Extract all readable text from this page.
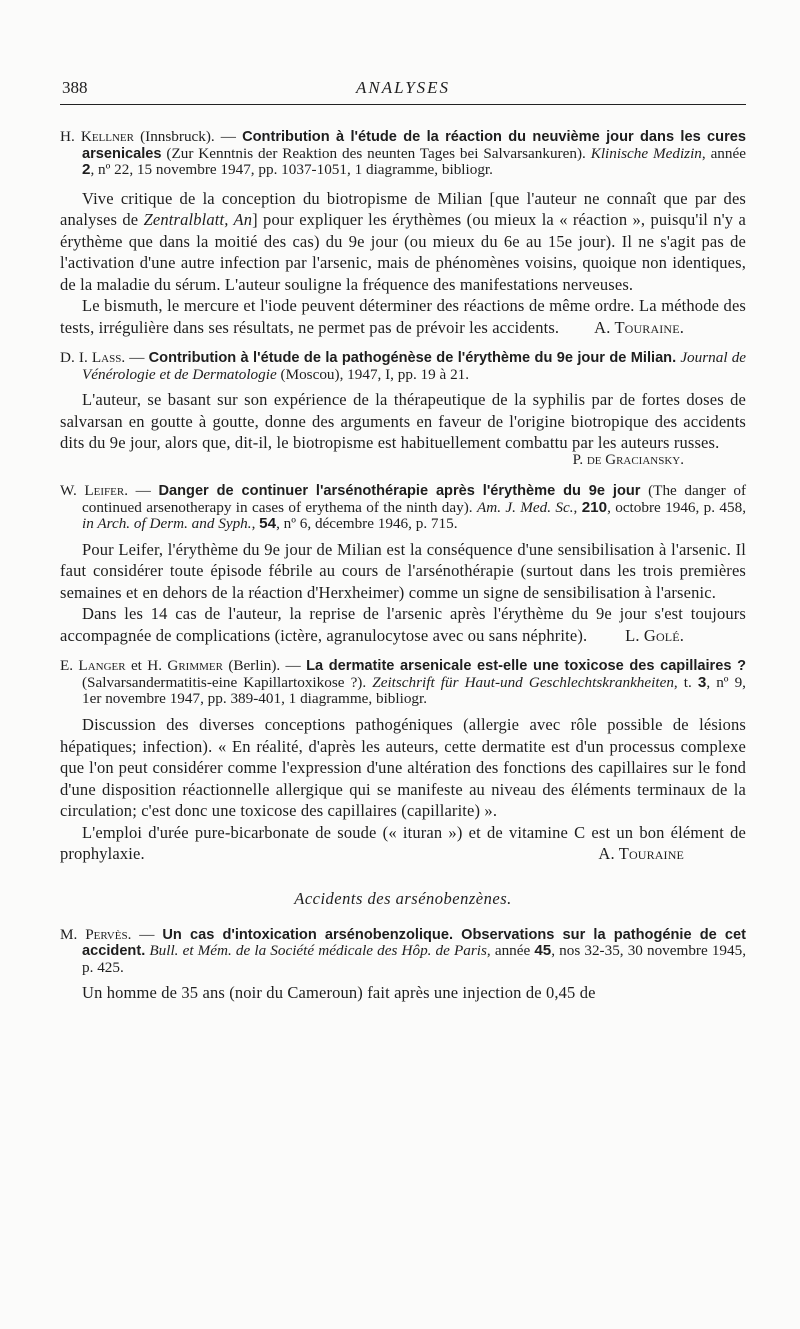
388	ANALYSES

H. Kellner (Innsbruck). — Contribution à l'étude de la réaction du neuvième jour dans les cures arsenicales (Zur Kenntnis der Reaktion des neunten Tages bei Salvarsankuren). Klinische Medizin, année 2, nº 22, 15 novembre 1947, pp. 1037-1051, 1 diagramme, bibliogr.

Vive critique de la conception du biotropisme de Milian [que l'auteur ne connaît que par des analyses de Zentralblatt, An] pour expliquer les érythèmes (ou mieux la « réaction », puisqu'il n'y a érythème que dans la moitié des cas) du 9e jour (ou mieux du 6e au 15e jour). Il ne s'agit pas de l'activation d'une autre infection par l'arsenic, mais de phénomènes voisins, quoique non identiques, de la maladie du sérum. L'auteur souligne la fréquence des manifestations nerveuses.

Le bismuth, le mercure et l'iode peuvent déterminer des réactions de même ordre. La méthode des tests, irrégulière dans ses résultats, ne permet pas de prévoir les accidents.	A. Touraine.

D. I. Lass. — Contribution à l'étude de la pathogénèse de l'érythème du 9e jour de Milian. Journal de Vénérologie et de Dermatologie (Moscou), 1947, I, pp. 19 à 21.

L'auteur, se basant sur son expérience de la thérapeutique de la syphilis par de fortes doses de salvarsan en goutte à goutte, donne des arguments en faveur de l'origine biotropique des accidents dits du 9e jour, alors que, dit-il, le biotropisme est habituellement combattu par les auteurs russes.

P. de Graciansky.

W. Leifer. — Danger de continuer l'arsénothérapie après l'érythème du 9e jour (The danger of continued arsenotherapy in cases of erythema of the ninth day). Am. J. Med. Sc., 210, octobre 1946, p. 458, in Arch. of Derm. and Syph., 54, nº 6, décembre 1946, p. 715.

Pour Leifer, l'érythème du 9e jour de Milian est la conséquence d'une sensibilisation à l'arsenic. Il faut considérer toute épisode fébrile au cours de l'arsénothérapie (surtout dans les trois premières semaines et en dehors de la réaction d'Herxheimer) comme un signe de sensibilisation à l'arsenic.

Dans les 14 cas de l'auteur, la reprise de l'arsenic après l'érythème du 9e jour s'est toujours accompagnée de complications (ictère, agranulocytose avec ou sans néphrite).	L. Golé.

E. Langer et H. Grimmer (Berlin). — La dermatite arsenicale est-elle une toxicose des capillaires ? (Salvarsandermatitis-eine Kapillartoxikose ?). Zeitschrift für Haut-und Geschlechtskrankheiten, t. 3, nº 9, 1er novembre 1947, pp. 389-401, 1 diagramme, bibliogr.

Discussion des diverses conceptions pathogéniques (allergie avec rôle possible de lésions hépatiques; infection). « En réalité, d'après les auteurs, cette dermatite est d'un processus complexe que l'on peut considérer comme l'expression d'une altération des fonctions des capillaires sur le fond d'une disposition réactionnelle allergique qui se manifeste au niveau des éléments terminaux de la circulation; c'est donc une toxicose des capillaires (capillarite) ».

L'emploi d'urée pure-bicarbonate de soude (« ituran ») et de vitamine C est un bon élément de prophylaxie.	A. Touraine

Accidents des arsénobenzènes.

M. Pervès. — Un cas d'intoxication arsénobenzolique. Observations sur la pathogénie de cet accident. Bull. et Mém. de la Société médicale des Hôp. de Paris, année 45, nos 32-35, 30 novembre 1945, p. 425.

Un homme de 35 ans (noir du Cameroun) fait après une injection de 0,45 de
